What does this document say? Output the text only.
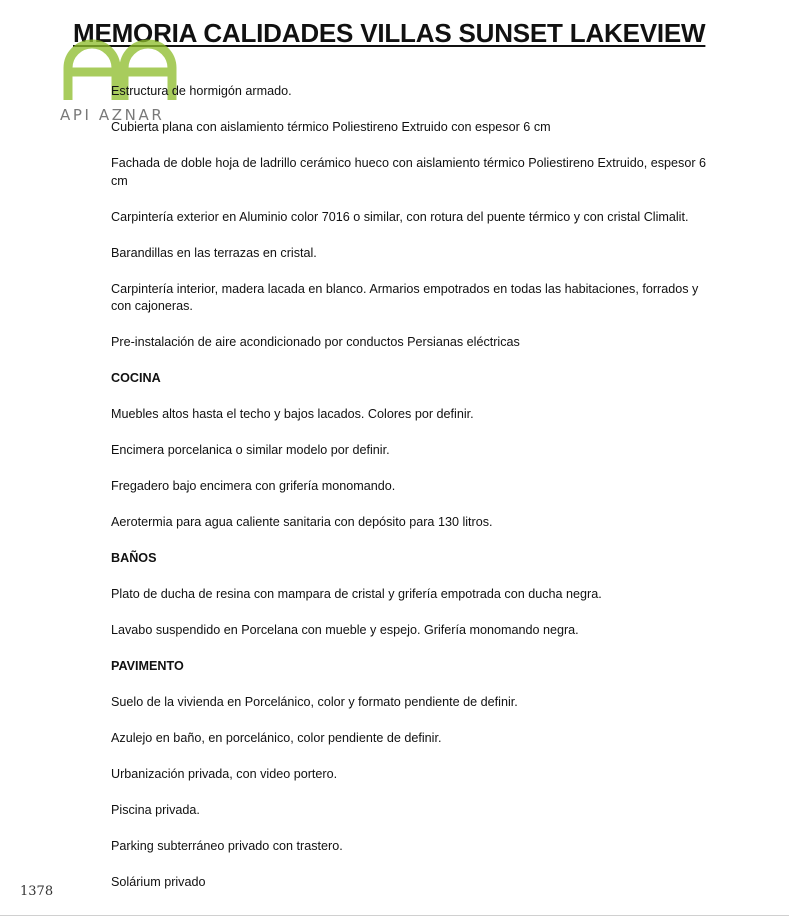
MEMORIA CALIDADES VILLAS SUNSET LAKEVIEW
API AZNAR

Estructura de hormigón armado.

Cubierta plana con aislamiento térmico Poliestireno Extruido con espesor 6 cm

Fachada de doble hoja de ladrillo cerámico hueco con aislamiento térmico Poliestireno Extruido, espesor 6 cm

Carpintería exterior en Aluminio color 7016 o similar, con rotura del puente térmico y con cristal Climalit.

Barandillas en las terrazas en cristal.

Carpintería interior, madera lacada en blanco. Armarios empotrados en todas las habitaciones, forrados y con cajoneras.

Pre-instalación de aire acondicionado por conductos Persianas eléctricas

COCINA

Muebles altos hasta el techo y bajos lacados. Colores por definir.

Encimera porcelanica o similar modelo por definir.

Fregadero bajo encimera con grifería monomando.

Aerotermia para agua caliente sanitaria con depósito para 130 litros.

BAÑOS

Plato de ducha de resina con mampara de cristal y grifería empotrada con ducha negra.

Lavabo suspendido en Porcelana con mueble y espejo. Grifería monomando negra.

PAVIMENTO

Suelo de la vivienda en Porcelánico, color y formato pendiente de definir.

Azulejo en baño, en porcelánico, color pendiente de definir.

Urbanización privada, con video portero.

Piscina privada.

Parking subterráneo privado con trastero.

Solárium privado

1378
